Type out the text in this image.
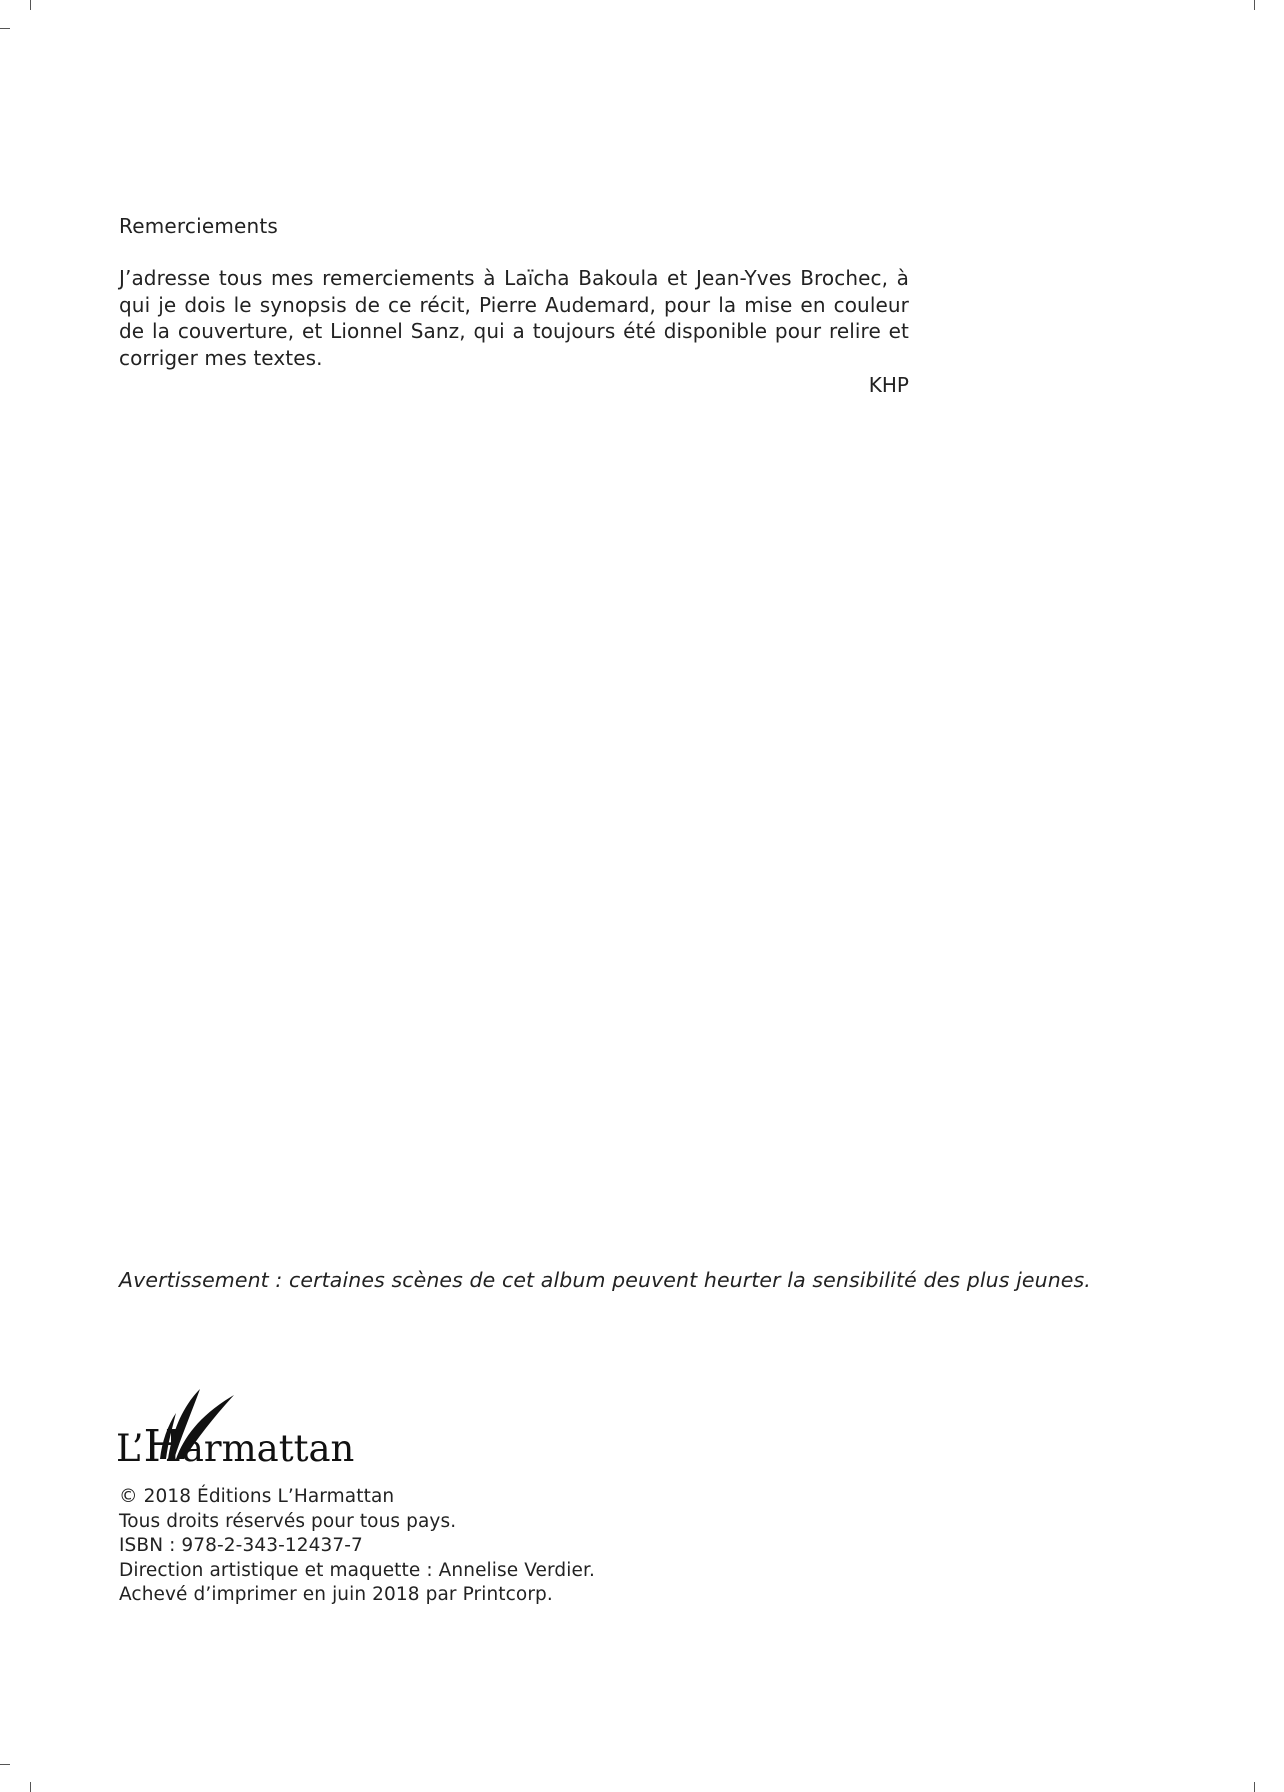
Remerciements
J’adresse tous mes remerciements à Laïcha Bakoula et Jean-Yves Brochec, à qui je dois le synopsis de ce récit, Pierre Audemard, pour la mise en couleur de la couverture, et Lionnel Sanz, qui a toujours été disponible pour relire et corriger mes textes.
KHP
Avertissement : certaines scènes de cet album peuvent heurter la sensibilité des plus jeunes.
L’Harmattan
© 2018 Éditions L’Harmattan
Tous droits réservés pour tous pays.
ISBN : 978-2-343-12437-7
Direction artistique et maquette : Annelise Verdier.
Achevé d’imprimer en juin 2018 par Printcorp.
